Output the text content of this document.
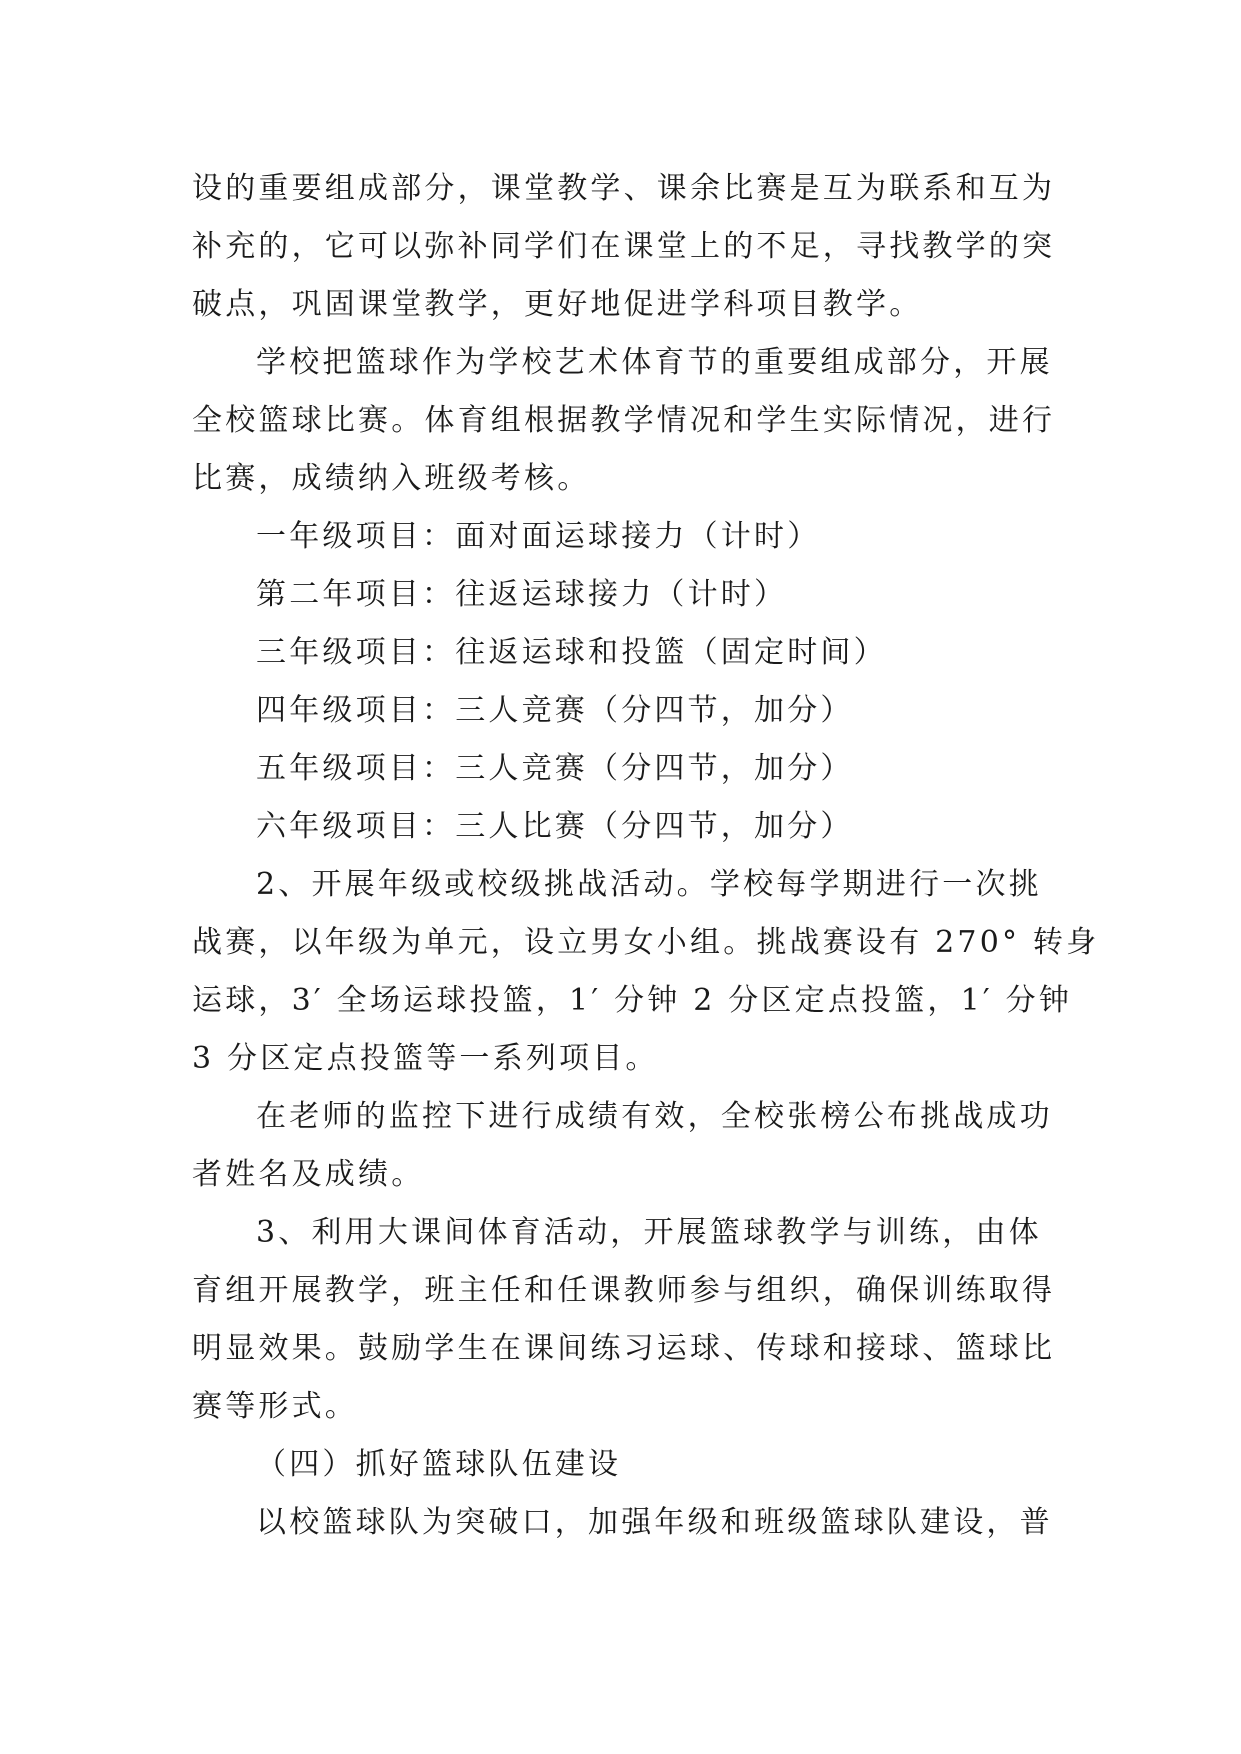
设的重要组成部分，课堂教学、课余比赛是互为联系和互为
补充的，它可以弥补同学们在课堂上的不足，寻找教学的突
破点，巩固课堂教学，更好地促进学科项目教学。
学校把篮球作为学校艺术体育节的重要组成部分，开展
全校篮球比赛。体育组根据教学情况和学生实际情况，进行
比赛，成绩纳入班级考核。
一年级项目：面对面运球接力（计时）
第二年项目：往返运球接力（计时）
三年级项目：往返运球和投篮（固定时间）
四年级项目：三人竞赛（分四节，加分）
五年级项目：三人竞赛（分四节，加分）
六年级项目：三人比赛（分四节，加分）
2、开展年级或校级挑战活动。学校每学期进行一次挑
战赛，以年级为单元，设立男女小组。挑战赛设有 270° 转身
运球，3′ 全场运球投篮，1′ 分钟 2 分区定点投篮，1′ 分钟
3 分区定点投篮等一系列项目。
在老师的监控下进行成绩有效，全校张榜公布挑战成功
者姓名及成绩。
3、利用大课间体育活动，开展篮球教学与训练，由体
育组开展教学，班主任和任课教师参与组织，确保训练取得
明显效果。鼓励学生在课间练习运球、传球和接球、篮球比
赛等形式。
（四）抓好篮球队伍建设
以校篮球队为突破口，加强年级和班级篮球队建设，普
